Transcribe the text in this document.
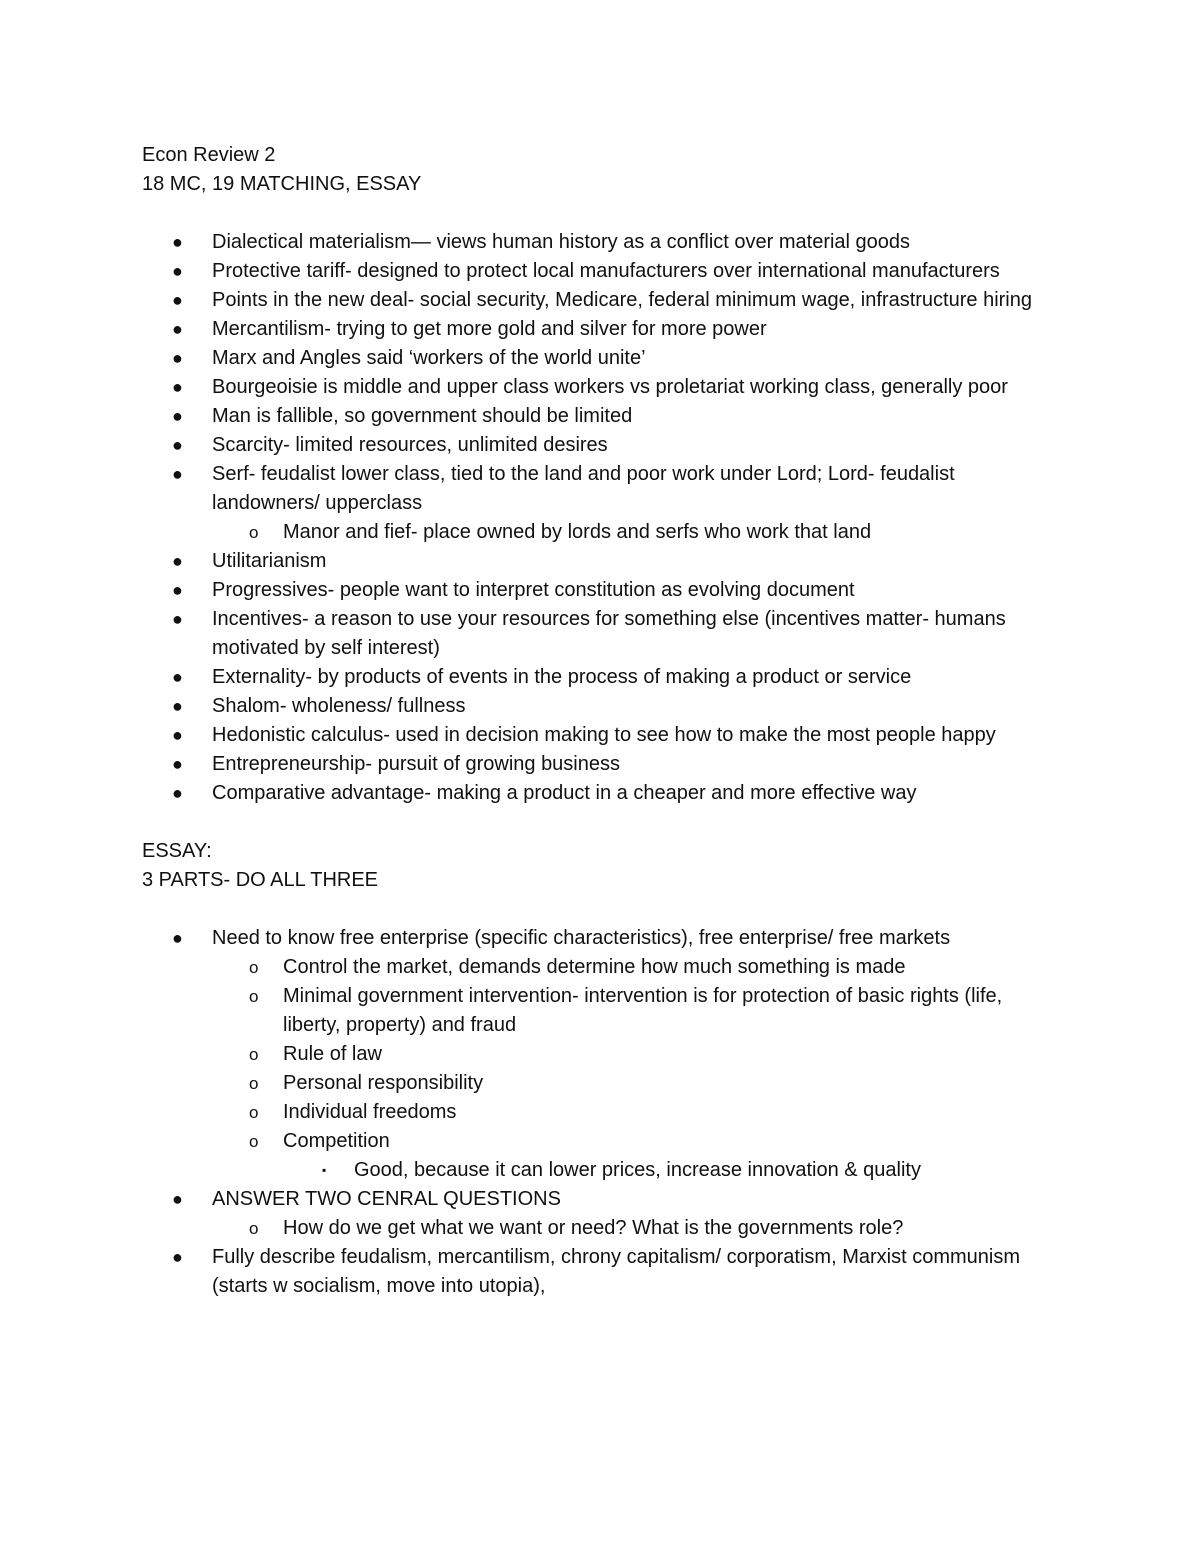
Econ Review 2
18 MC, 19 MATCHING, ESSAY
● Dialectical materialism— views human history as a conflict over material goods
● Protective tariff- designed to protect local manufacturers over international manufacturers
● Points in the new deal- social security, Medicare, federal minimum wage, infrastructure hiring
● Mercantilism- trying to get more gold and silver for more power
● Marx and Angles said ‘workers of the world unite’
● Bourgeoisie is middle and upper class workers vs proletariat working class, generally poor
● Man is fallible, so government should be limited
● Scarcity- limited resources, unlimited desires
● Serf- feudalist lower class, tied to the land and poor work under Lord; Lord- feudalist landowners/ upperclass
o Manor and fief- place owned by lords and serfs who work that land
● Utilitarianism
● Progressives- people want to interpret constitution as evolving document
● Incentives- a reason to use your resources for something else (incentives matter- humans motivated by self interest)
● Externality- by products of events in the process of making a product or service
● Shalom- wholeness/ fullness
● Hedonistic calculus- used in decision making to see how to make the most people happy
● Entrepreneurship- pursuit of growing business
● Comparative advantage- making a product in a cheaper and more effective way
ESSAY:
3 PARTS- DO ALL THREE
● Need to know free enterprise (specific characteristics), free enterprise/ free markets
o Control the market, demands determine how much something is made
o Minimal government intervention- intervention is for protection of basic rights (life, liberty, property) and fraud
o Rule of law
o Personal responsibility
o Individual freedoms
o Competition
▪ Good, because it can lower prices, increase innovation & quality
● ANSWER TWO CENRAL QUESTIONS
o How do we get what we want or need? What is the governments role?
● Fully describe feudalism, mercantilism, chrony capitalism/ corporatism, Marxist communism (starts w socialism, move into utopia),
